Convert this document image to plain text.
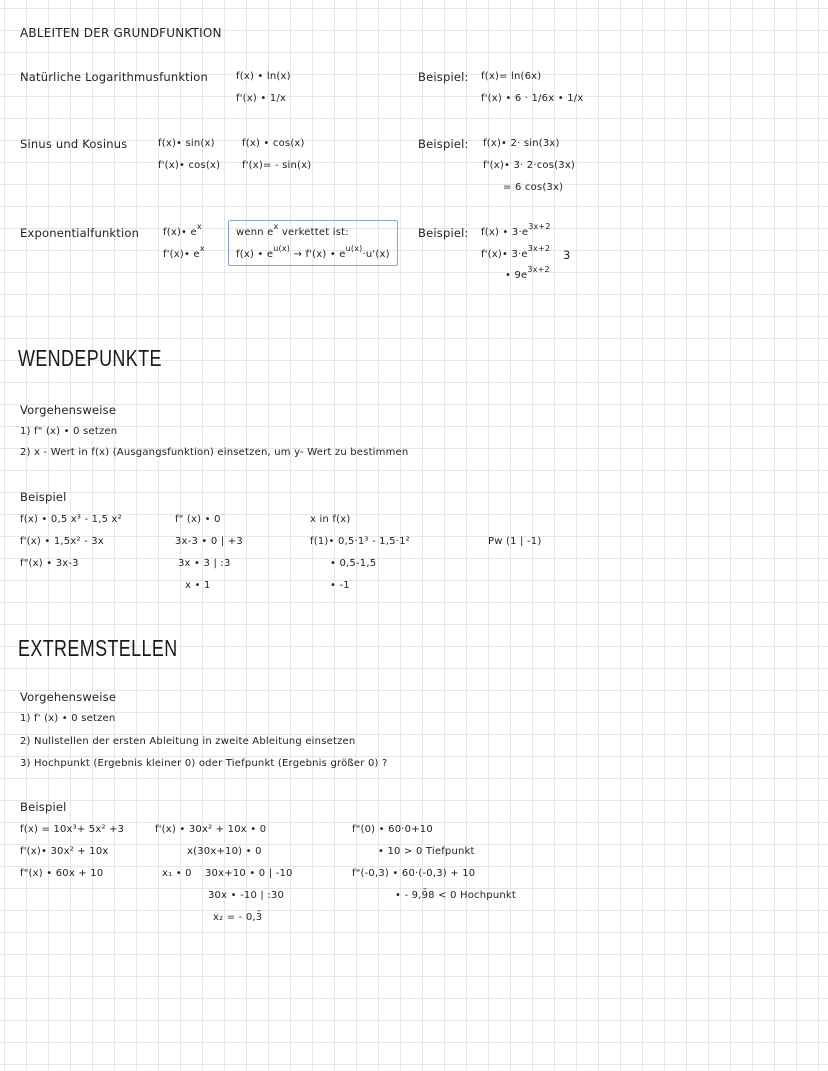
ABLEITEN DER GRUNDFUNKTION
Natürliche Logarithmusfunktion	f(x) • ln(x)
f'(x) • 1/x
Beispiel: f(x)= ln(6x)
f'(x) • 6 · 1/6x • 1/x
Sinus und Kosinus	f(x)• sin(x)
f'(x)• cos(x)
f(x) • cos(x)
f'(x)= - sin(x)
Beispiel: f(x)• 2· sin(3x)
f'(x)• 3· 2·cos(3x)
= 6 cos(3x)
Exponentialfunktion f(x)• $e^x$
f'(x)• $e^x$
wenn $e^x$ verkettet ist:
f(x) • $e^{u(x)} \to f'(x)$ • $e^{u(x)}\cdot u'(x)$
Beispiel: f(x) • $3\cdot e^{3x+2}$
f'(x)• $3\cdot e^{3x+2}$ 3
• $9e^{3x+2}$
WENDEPUNKTE
Vorgehensweise
1) f" (x) • 0 setzen
2) x - Wert in f(x) (Ausgangsfunktion) einsetzen, um y- Wert zu bestimmen
Beispiel
f(x) • 0,5 x³ - 1,5 x²
f'(x) • 1,5x² - 3x
f"(x) • 3x-3
f" (x) • 0
3x-3 • 0 | +3
3x • 3 | :3
x • 1
x in f(x)
f(1)• 0,5·1³ - 1,5·1²
• 0,5-1,5
• -1
Pw (1 | -1)
EXTREMSTELLEN
Vorgehensweise
1) f' (x) • 0 setzen
2) Nullstellen der ersten Ableitung in zweite Ableitung einsetzen
3) Hochpunkt (Ergebnis kleiner 0) oder Tiefpunkt (Ergebnis größer 0) ?
Beispiel
f(x) = 10x³+ 5x² +3
f'(x)• 30x² + 10x
f"(x) • 60x + 10
f'(x) • 30x² + 10x • 0
x(30x+10) • 0
x₁ • 0 30x+10 • 0 | -10
30x • -10 | :30
x₂ = - 0,3̄
f"(0) • 60·0+10
• 10 > 0 Tiefpunkt
f"(-0,3) • 60·(-0,3) + 10
• - 9,9̄8 < 0 Hochpunkt
